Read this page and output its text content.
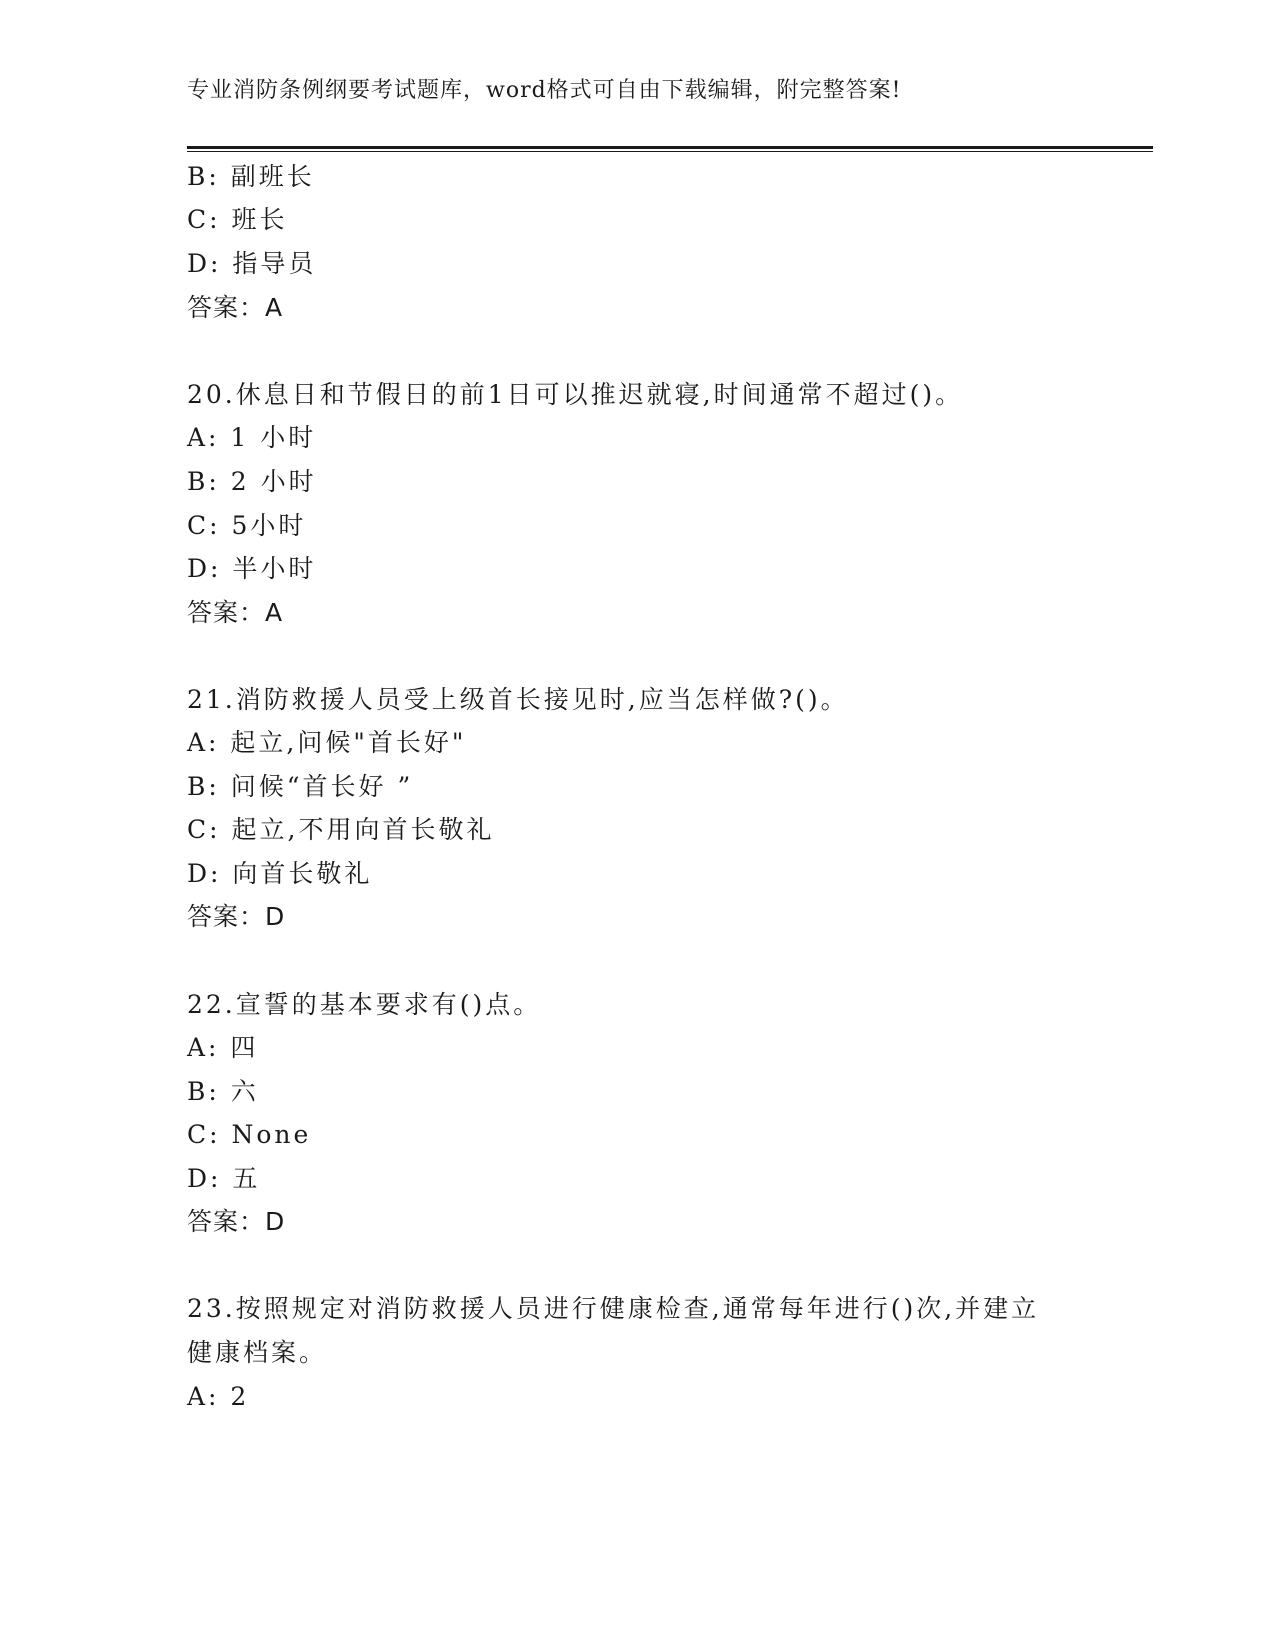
专业消防条例纲要考试题库，word格式可自由下载编辑，附完整答案!
B: 副班长
C: 班长
D: 指导员
答案：A
20.休息日和节假日的前1日可以推迟就寝,时间通常不超过()。
A: 1 小时
B: 2 小时
C: 5小时
D: 半小时
答案：A
21.消防救援人员受上级首长接见时,应当怎样做?()。
A: 起立,问候"首长好"
B: 问候“首长好 ”
C: 起立,不用向首长敬礼
D: 向首长敬礼
答案：D
22.宣誓的基本要求有()点。
A: 四
B: 六
C: None
D: 五
答案：D
23.按照规定对消防救援人员进行健康检查,通常每年进行()次,并建立
健康档案。
A: 2
